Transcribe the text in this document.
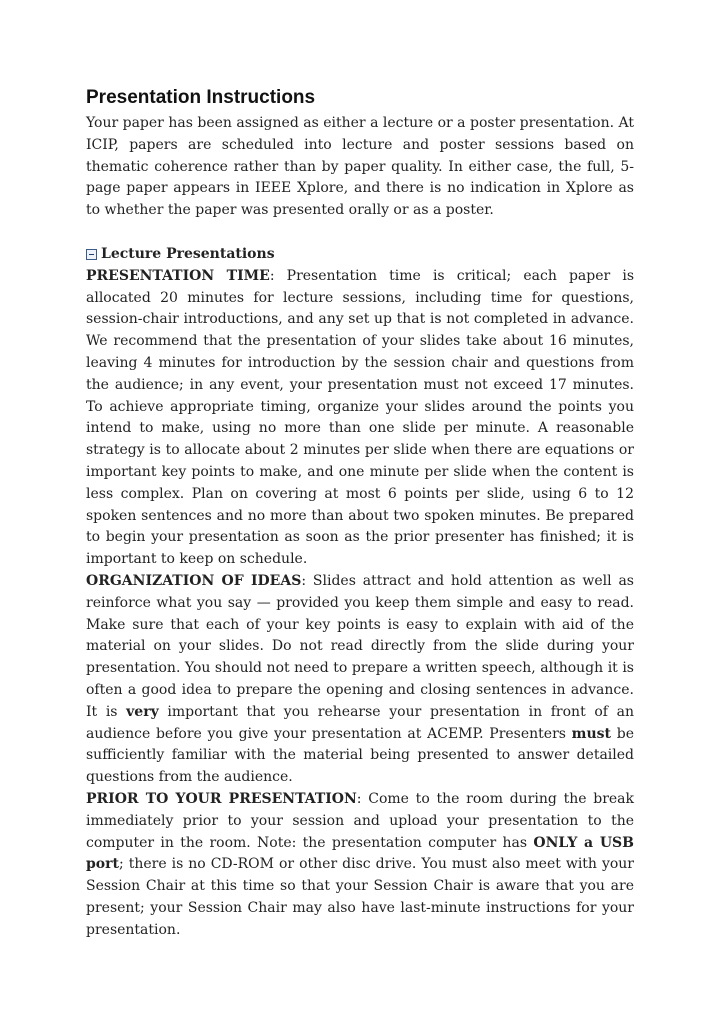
Presentation Instructions

Your paper has been assigned as either a lecture or a poster presentation. At ICIP, papers are scheduled into lecture and poster sessions based on thematic coherence rather than by paper quality. In either case, the full, 5-page paper appears in IEEE Xplore, and there is no indication in Xplore as to whether the paper was presented orally or as a poster.

Lecture Presentations

PRESENTATION TIME: Presentation time is critical; each paper is allocated 20 minutes for lecture sessions, including time for questions, session-chair introductions, and any set up that is not completed in advance. We recommend that the presentation of your slides take about 16 minutes, leaving 4 minutes for introduction by the session chair and questions from the audience; in any event, your presentation must not exceed 17 minutes. To achieve appropriate timing, organize your slides around the points you intend to make, using no more than one slide per minute. A reasonable strategy is to allocate about 2 minutes per slide when there are equations or important key points to make, and one minute per slide when the content is less complex. Plan on covering at most 6 points per slide, using 6 to 12 spoken sentences and no more than about two spoken minutes. Be prepared to begin your presentation as soon as the prior presenter has finished; it is important to keep on schedule.

ORGANIZATION OF IDEAS: Slides attract and hold attention as well as reinforce what you say — provided you keep them simple and easy to read. Make sure that each of your key points is easy to explain with aid of the material on your slides. Do not read directly from the slide during your presentation. You should not need to prepare a written speech, although it is often a good idea to prepare the opening and closing sentences in advance. It is very important that you rehearse your presentation in front of an audience before you give your presentation at ACEMP. Presenters must be sufficiently familiar with the material being presented to answer detailed questions from the audience.

PRIOR TO YOUR PRESENTATION: Come to the room during the break immediately prior to your session and upload your presentation to the computer in the room. Note: the presentation computer has ONLY a USB port; there is no CD-ROM or other disc drive. You must also meet with your Session Chair at this time so that your Session Chair is aware that you are present; your Session Chair may also have last-minute instructions for your presentation.
